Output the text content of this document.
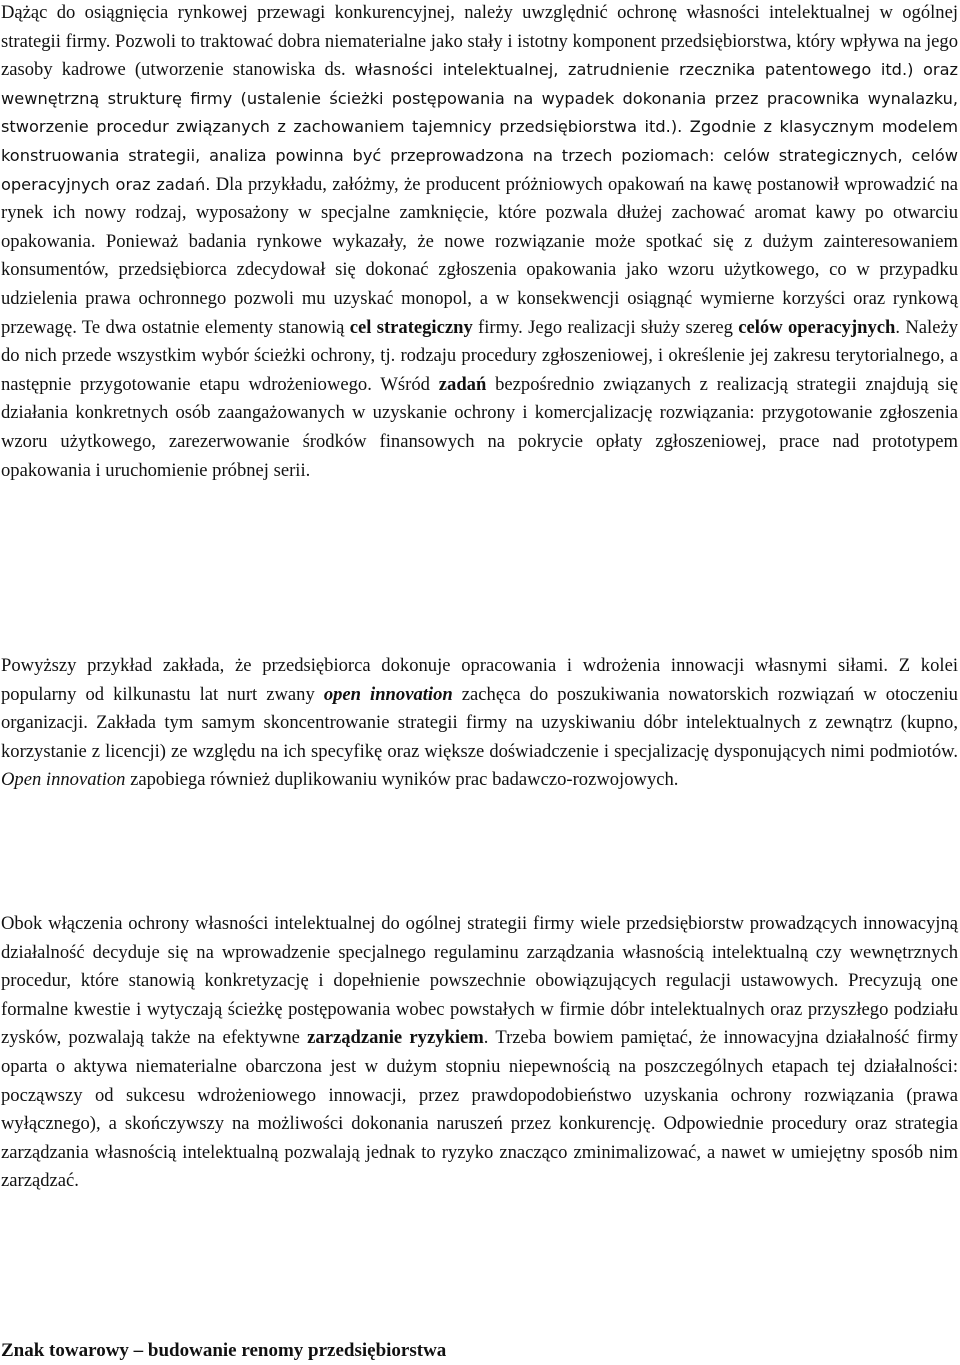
Dążąc do osiągnięcia rynkowej przewagi konkurencyjnej, należy uwzględnić ochronę własności intelektualnej w ogólnej strategii firmy. Pozwoli to traktować dobra niematerialne jako stały i istotny komponent przedsiębiorstwa, który wpływa na jego zasoby kadrowe (utworzenie stanowiska ds. własności intelektualnej, zatrudnienie rzecznika patentowego itd.) oraz wewnętrzną strukturę firmy (ustalenie ścieżki postępowania na wypadek dokonania przez pracownika wynalazku, stworzenie procedur związanych z zachowaniem tajemnicy przedsiębiorstwa itd.). Zgodnie z klasycznym modelem konstruowania strategii, analiza powinna być przeprowadzona na trzech poziomach: celów strategicznych, celów operacyjnych oraz zadań. Dla przykładu, załóżmy, że producent próżniowych opakowań na kawę postanowił wprowadzić na rynek ich nowy rodzaj, wyposażony w specjalne zamknięcie, które pozwala dłużej zachować aromat kawy po otwarciu opakowania. Ponieważ badania rynkowe wykazały, że nowe rozwiązanie może spotkać się z dużym zainteresowaniem konsumentów, przedsiębiorca zdecydował się dokonać zgłoszenia opakowania jako wzoru użytkowego, co w przypadku udzielenia prawa ochronnego pozwoli mu uzyskać monopol, a w konsekwencji osiągnąć wymierne korzyści oraz rynkową przewagę. Te dwa ostatnie elementy stanowią cel strategiczny firmy. Jego realizacji służy szereg celów operacyjnych. Należy do nich przede wszystkim wybór ścieżki ochrony, tj. rodzaju procedury zgłoszeniowej, i określenie jej zakresu terytorialnego, a następnie przygotowanie etapu wdrożeniowego. Wśród zadań bezpośrednio związanych z realizacją strategii znajdują się działania konkretnych osób zaangażowanych w uzyskanie ochrony i komercjalizację rozwiązania: przygotowanie zgłoszenia wzoru użytkowego, zarezerwowanie środków finansowych na pokrycie opłaty zgłoszeniowej, prace nad prototypem opakowania i uruchomienie próbnej serii.

Powyższy przykład zakłada, że przedsiębiorca dokonuje opracowania i wdrożenia innowacji własnymi siłami. Z kolei popularny od kilkunastu lat nurt zwany open innovation zachęca do poszukiwania nowatorskich rozwiązań w otoczeniu organizacji. Zakłada tym samym skoncentrowanie strategii firmy na uzyskiwaniu dóbr intelektualnych z zewnątrz (kupno, korzystanie z licencji) ze względu na ich specyfikę oraz większe doświadczenie i specjalizację dysponujących nimi podmiotów. Open innovation zapobiega również duplikowaniu wyników prac badawczo-rozwojowych.

Obok włączenia ochrony własności intelektualnej do ogólnej strategii firmy wiele przedsiębiorstw prowadzących innowacyjną działalność decyduje się na wprowadzenie specjalnego regulaminu zarządzania własnością intelektualną czy wewnętrznych procedur, które stanowią konkretyzację i dopełnienie powszechnie obowiązujących regulacji ustawowych. Precyzują one formalne kwestie i wytyczają ścieżkę postępowania wobec powstałych w firmie dóbr intelektualnych oraz przyszłego podziału zysków, pozwalają także na efektywne zarządzanie ryzykiem. Trzeba bowiem pamiętać, że innowacyjna działalność firmy oparta o aktywa niematerialne obarczona jest w dużym stopniu niepewnością na poszczególnych etapach tej działalności: począwszy od sukcesu wdrożeniowego innowacji, przez prawdopodobieństwo uzyskania ochrony rozwiązania (prawa wyłącznego), a skończywszy na możliwości dokonania naruszeń przez konkurencję. Odpowiednie procedury oraz strategia zarządzania własnością intelektualną pozwalają jednak to ryzyko znacząco zminimalizować, a nawet w umiejętny sposób nim zarządzać.

Znak towarowy – budowanie renomy przedsiębiorstwa
